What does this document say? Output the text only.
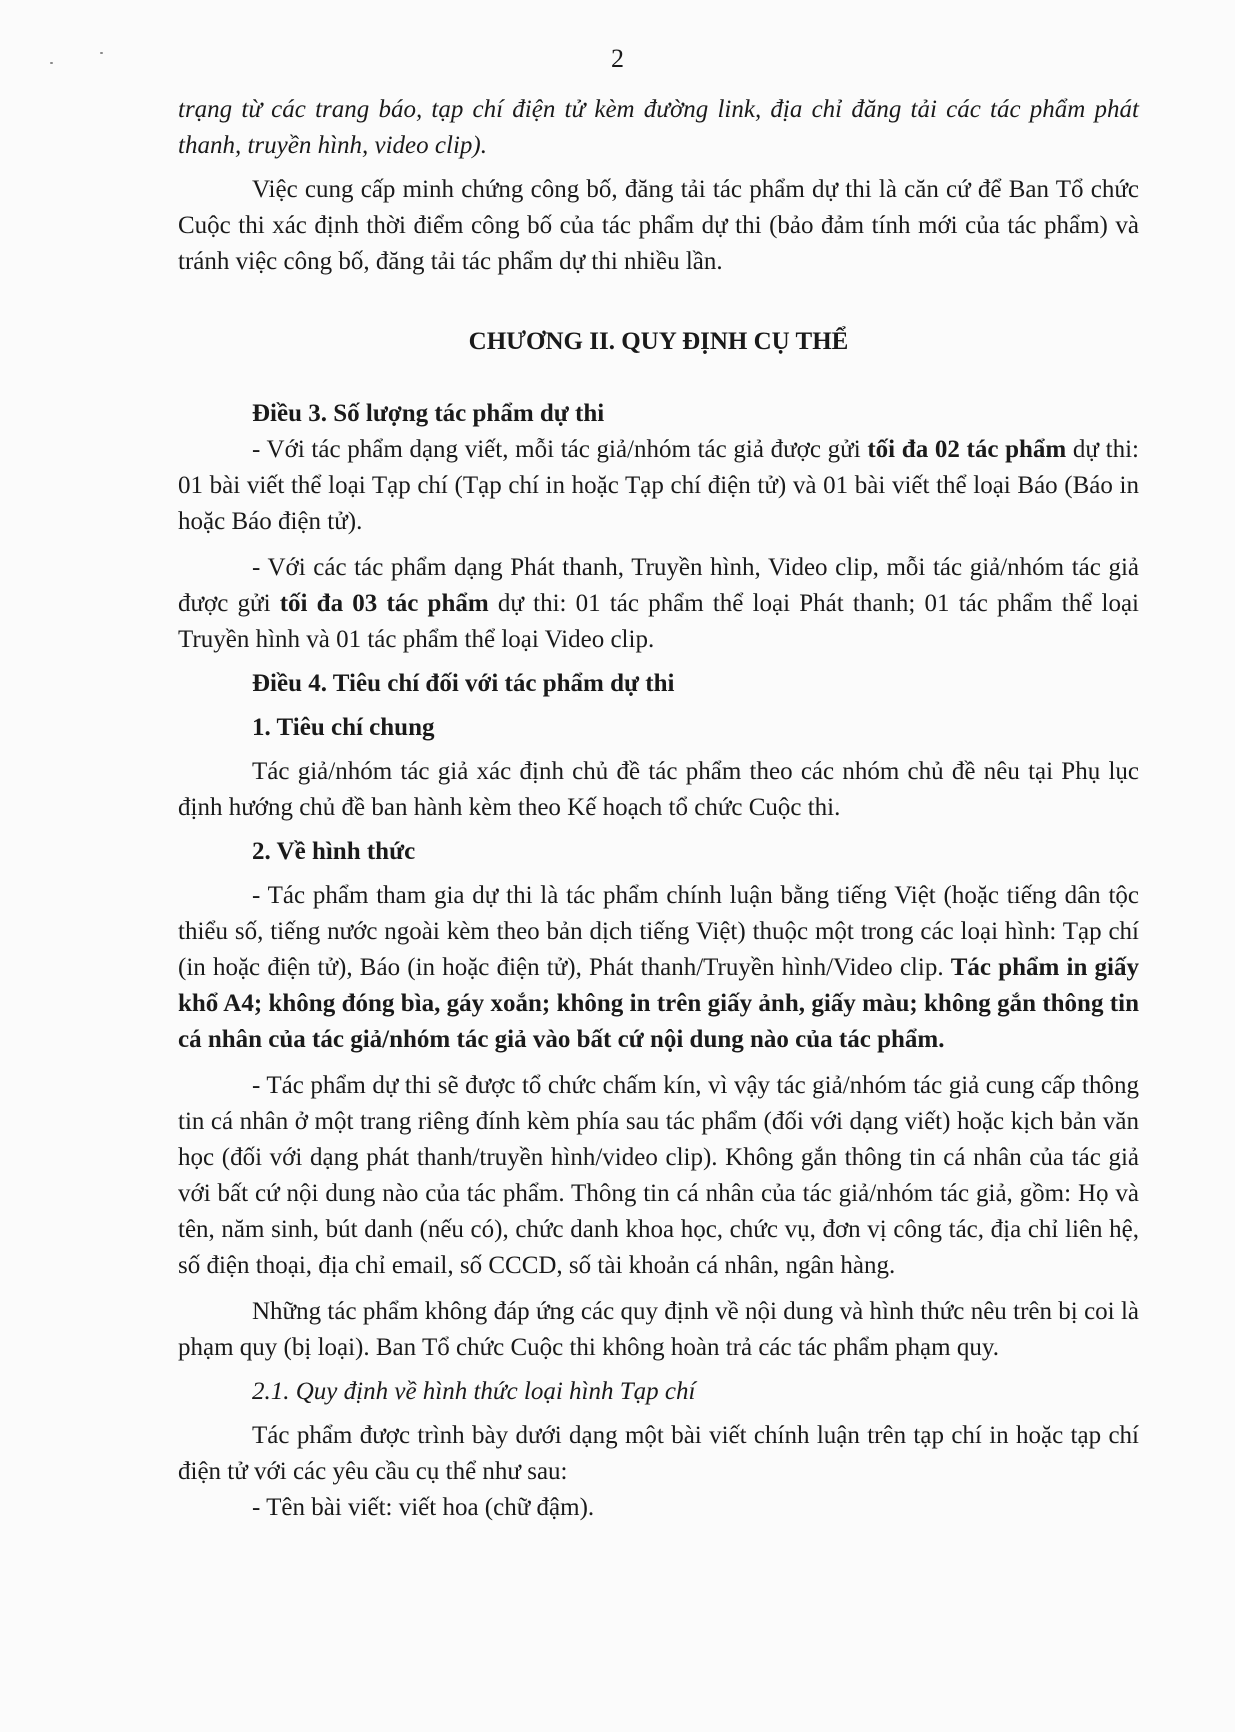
2

trạng từ các trang báo, tạp chí điện tử kèm đường link, địa chỉ đăng tải các tác phẩm phát thanh, truyền hình, video clip).

Việc cung cấp minh chứng công bố, đăng tải tác phẩm dự thi là căn cứ để Ban Tổ chức Cuộc thi xác định thời điểm công bố của tác phẩm dự thi (bảo đảm tính mới của tác phẩm) và tránh việc công bố, đăng tải tác phẩm dự thi nhiều lần.

CHƯƠNG II. QUY ĐỊNH CỤ THỂ

Điều 3. Số lượng tác phẩm dự thi

- Với tác phẩm dạng viết, mỗi tác giả/nhóm tác giả được gửi tối đa 02 tác phẩm dự thi: 01 bài viết thể loại Tạp chí (Tạp chí in hoặc Tạp chí điện tử) và 01 bài viết thể loại Báo (Báo in hoặc Báo điện tử).

- Với các tác phẩm dạng Phát thanh, Truyền hình, Video clip, mỗi tác giả/nhóm tác giả được gửi tối đa 03 tác phẩm dự thi: 01 tác phẩm thể loại Phát thanh; 01 tác phẩm thể loại Truyền hình và 01 tác phẩm thể loại Video clip.

Điều 4. Tiêu chí đối với tác phẩm dự thi

1. Tiêu chí chung

Tác giả/nhóm tác giả xác định chủ đề tác phẩm theo các nhóm chủ đề nêu tại Phụ lục định hướng chủ đề ban hành kèm theo Kế hoạch tổ chức Cuộc thi.

2. Về hình thức

- Tác phẩm tham gia dự thi là tác phẩm chính luận bằng tiếng Việt (hoặc tiếng dân tộc thiểu số, tiếng nước ngoài kèm theo bản dịch tiếng Việt) thuộc một trong các loại hình: Tạp chí (in hoặc điện tử), Báo (in hoặc điện tử), Phát thanh/Truyền hình/Video clip. Tác phẩm in giấy khổ A4; không đóng bìa, gáy xoắn; không in trên giấy ảnh, giấy màu; không gắn thông tin cá nhân của tác giả/nhóm tác giả vào bất cứ nội dung nào của tác phẩm.

- Tác phẩm dự thi sẽ được tổ chức chấm kín, vì vậy tác giả/nhóm tác giả cung cấp thông tin cá nhân ở một trang riêng đính kèm phía sau tác phẩm (đối với dạng viết) hoặc kịch bản văn học (đối với dạng phát thanh/truyền hình/video clip). Không gắn thông tin cá nhân của tác giả với bất cứ nội dung nào của tác phẩm. Thông tin cá nhân của tác giả/nhóm tác giả, gồm: Họ và tên, năm sinh, bút danh (nếu có), chức danh khoa học, chức vụ, đơn vị công tác, địa chỉ liên hệ, số điện thoại, địa chỉ email, số CCCD, số tài khoản cá nhân, ngân hàng.

Những tác phẩm không đáp ứng các quy định về nội dung và hình thức nêu trên bị coi là phạm quy (bị loại). Ban Tổ chức Cuộc thi không hoàn trả các tác phẩm phạm quy.

2.1. Quy định về hình thức loại hình Tạp chí

Tác phẩm được trình bày dưới dạng một bài viết chính luận trên tạp chí in hoặc tạp chí điện tử với các yêu cầu cụ thể như sau:

- Tên bài viết: viết hoa (chữ đậm).
